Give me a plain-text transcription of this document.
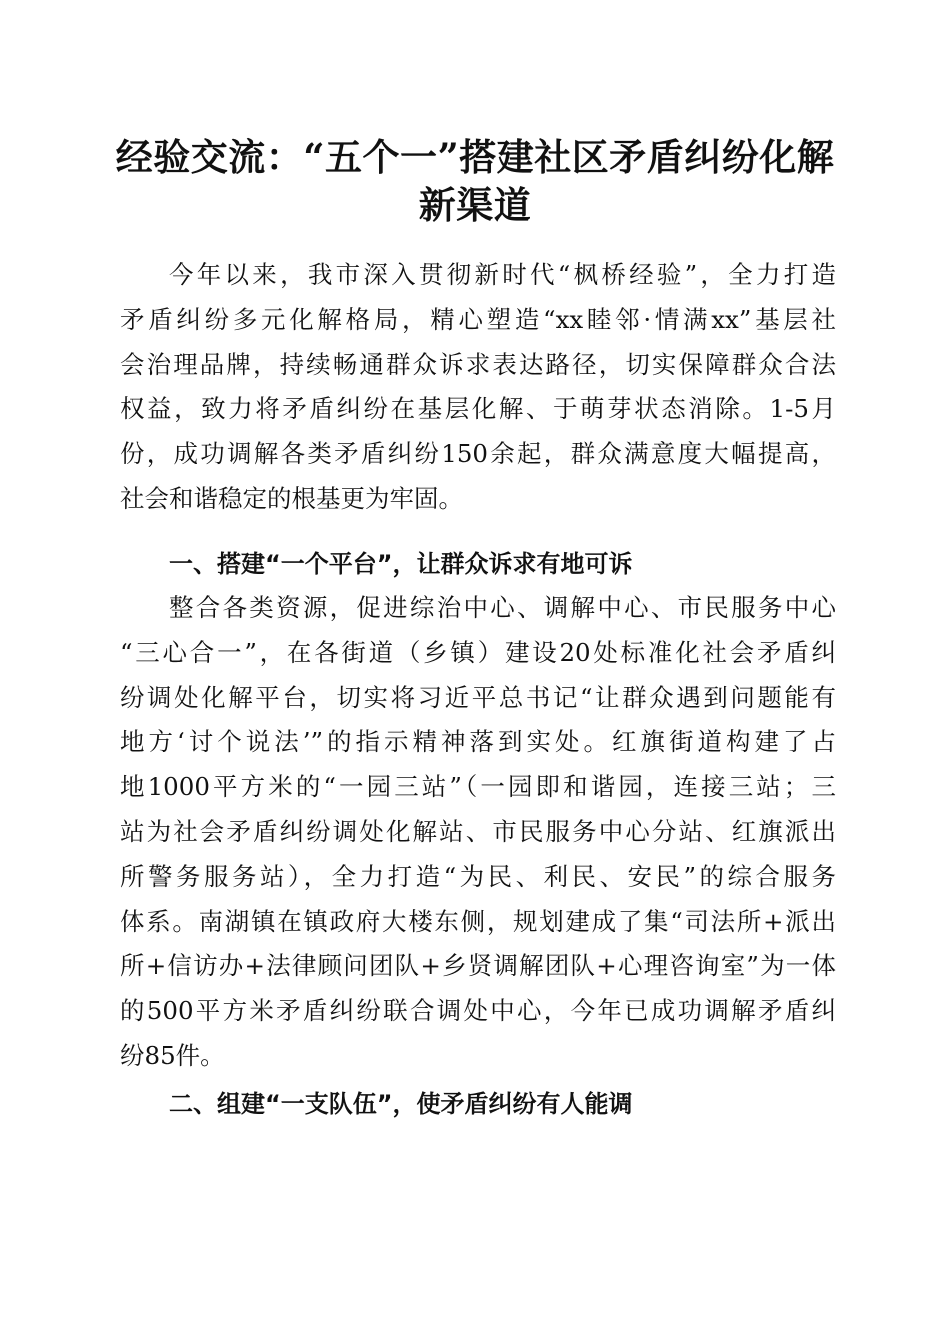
经验交流：“五个一”搭建社区矛盾纠纷化解
新渠道
今年以来，我市深入贯彻新时代“枫桥经验”，全力打造
矛盾纠纷多元化解格局，精心塑造“xx睦邻·情满xx”基层社
会治理品牌，持续畅通群众诉求表达路径，切实保障群众合法
权益，致力将矛盾纠纷在基层化解、于萌芽状态消除。1-5月
份，成功调解各类矛盾纠纷150余起，群众满意度大幅提高，
社会和谐稳定的根基更为牢固。
一、搭建“一个平台”，让群众诉求有地可诉
整合各类资源，促进综治中心、调解中心、市民服务中心
“三心合一”，在各街道（乡镇）建设20处标准化社会矛盾纠
纷调处化解平台，切实将习近平总书记“让群众遇到问题能有
地方‘讨个说法’”的指示精神落到实处。红旗街道构建了占
地1000平方米的“一园三站”（一园即和谐园，连接三站；三
站为社会矛盾纠纷调处化解站、市民服务中心分站、红旗派出
所警务服务站），全力打造“为民、利民、安民”的综合服务
体系。南湖镇在镇政府大楼东侧，规划建成了集“司法所+派出
所+信访办+法律顾问团队+乡贤调解团队+心理咨询室”为一体
的500平方米矛盾纠纷联合调处中心，今年已成功调解矛盾纠
纷85件。
二、组建“一支队伍”，使矛盾纠纷有人能调
